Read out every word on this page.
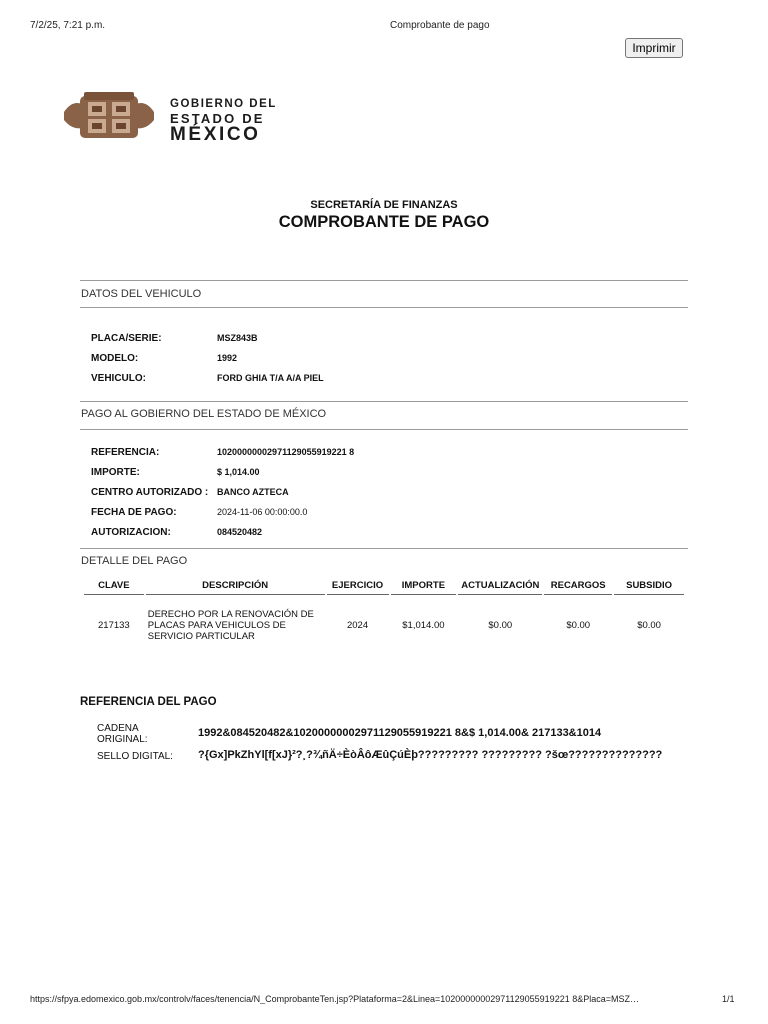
7/2/25, 7:21 p.m.	Comprobante de pago
Imprimir
GOBIERNO DEL
ESTADO DE
MÉXICO
SECRETARÍA DE FINANZAS
COMPROBANTE DE PAGO
DATOS DEL VEHICULO
PLACA/SERIE:	MSZ843B
MODELO:	1992
VEHICULO:	FORD GHIA T/A A/A PIEL
PAGO AL GOBIERNO DEL ESTADO DE MÉXICO
REFERENCIA:	10200000002971129055919221 8
IMPORTE:	$ 1,014.00
CENTRO AUTORIZADO : BANCO AZTECA
FECHA DE PAGO:	2024-11-06 00:00:00.0
AUTORIZACION:	084520482
DETALLE DEL PAGO
CLAVE	DESCRIPCIÓN	EJERCICIO	IMPORTE	ACTUALIZACIÓN	RECARGOS	SUBSIDIO
217133	DERECHO POR LA RENOVACIÓN DE PLACAS PARA VEHICULOS DE SERVICIO PARTICULAR	2024	$1,014.00	$0.00	$0.00	$0.00
REFERENCIA DEL PAGO
CADENA ORIGINAL:
1992&084520482&10200000002971129055919221 8&$ 1,014.00& 217133&1014
SELLO DIGITAL: ?{Gx]PkZhYl[f[xJ}²?¸?¾ñÄ÷ÈòÂôÆûÇúÈþ????????? ????????? ?šœ??????????????
https://sfpya.edomexico.gob.mx/controlv/faces/tenencia/N_ComprobanteTen.jsp?Plataforma=2&Linea=10200000002971129055919221 8&Placa=MSZ…	1/1
